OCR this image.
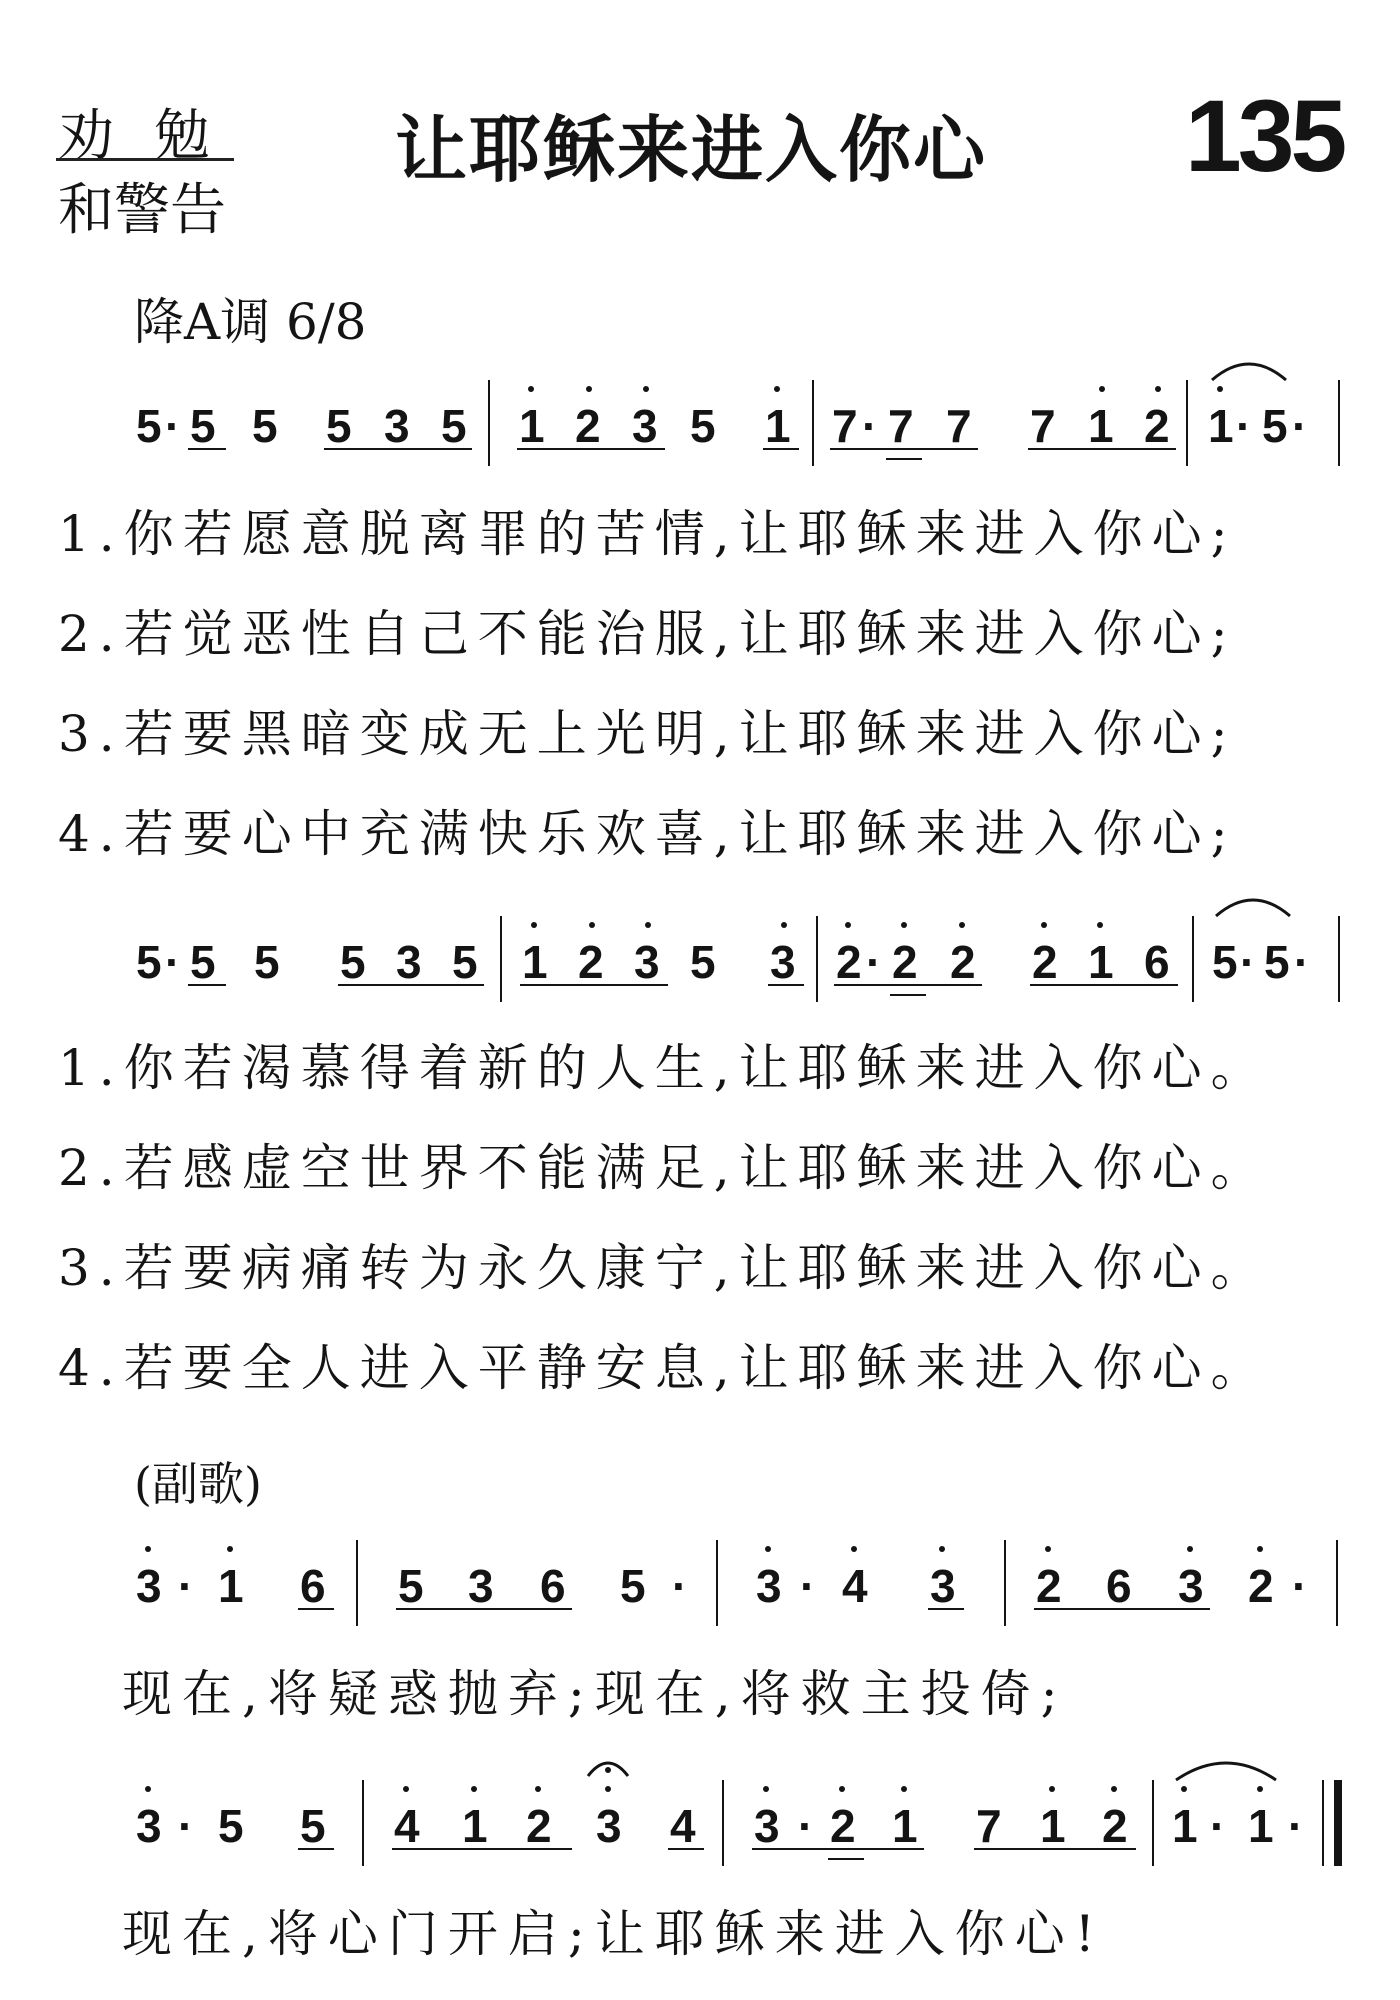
劝勉
和警告
让耶稣来进入你心 135
降A调 6/8
5 · 5 5 5 3 5 1 2 3 5 1 7 · 7 7 7 1 2 1 · 5 ·
1.你若愿意脱离罪的苦情,让耶稣来进入你心;
2.若觉恶性自己不能治服,让耶稣来进入你心;
3.若要黑暗变成无上光明,让耶稣来进入你心;
4.若要心中充满快乐欢喜,让耶稣来进入你心;
5 · 5 5 5 3 5 1 2 3 5 3 2 · 2 2 2 1 6 5 · 5 ·
1.你若渴慕得着新的人生,让耶稣来进入你心。
2.若感虚空世界不能满足,让耶稣来进入你心。
3.若要病痛转为永久康宁,让耶稣来进入你心。
4.若要全人进入平静安息,让耶稣来进入你心。
(副歌)
3 · 1 6 5 3 6 5 · 3 · 4 3 2 6 3 2 ·
现在,将疑惑抛弃;现在,将救主投倚;
3 · 5 5 4 1 2 3 4 3 · 2 1 7 1 2 1 · 1 ·
现在,将心门开启;让耶稣来进入你心!
